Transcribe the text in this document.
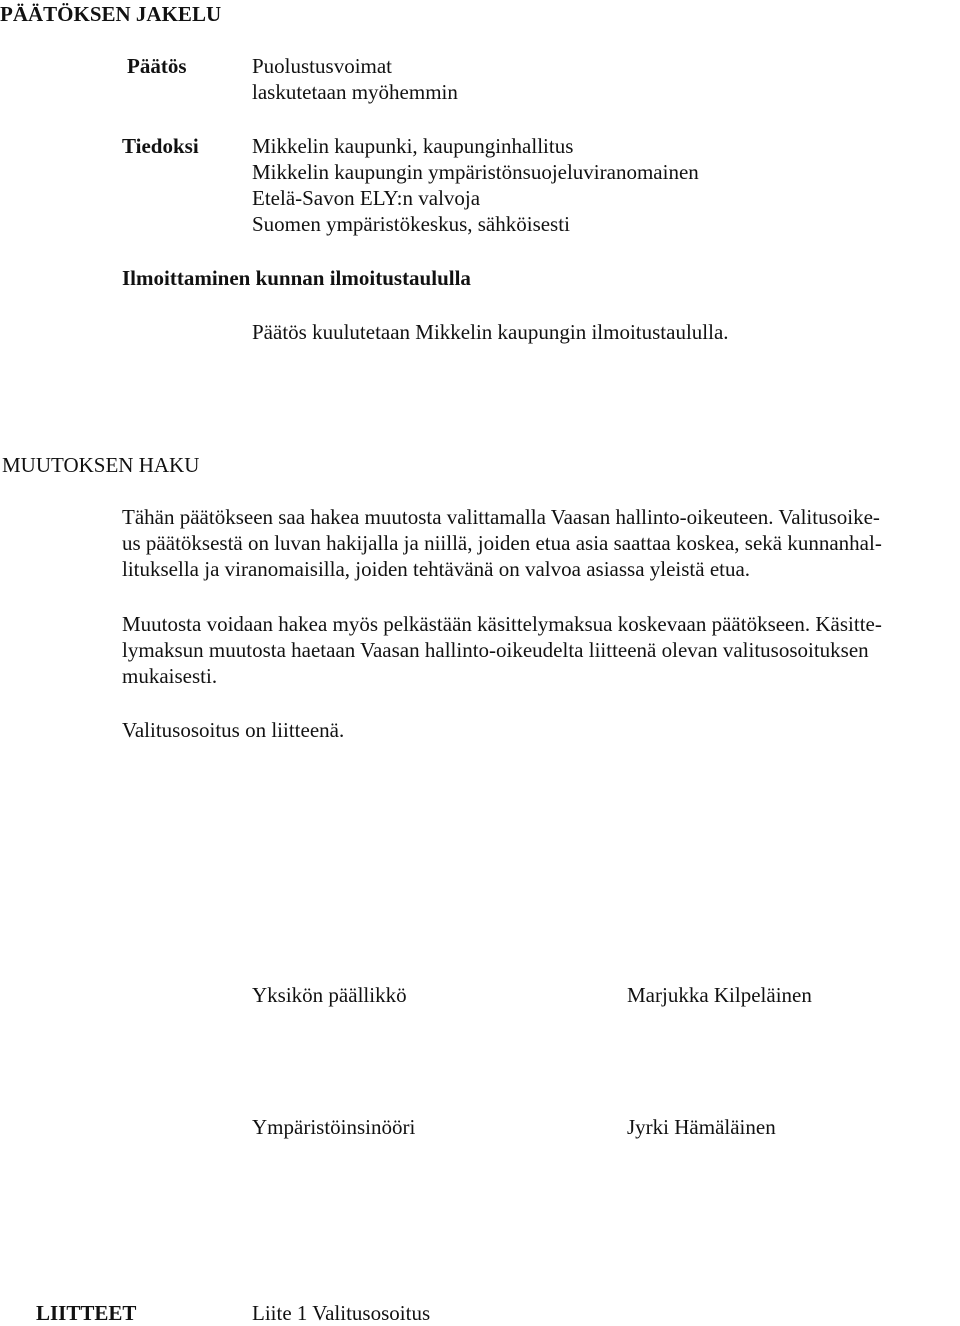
PÄÄTÖKSEN JAKELU
Päätös	Puolustusvoimat
laskutetaan myöhemmin
Tiedoksi	Mikkelin kaupunki, kaupunginhallitus
Mikkelin kaupungin ympäristönsuojeluviranomainen
Etelä-Savon ELY:n valvoja
Suomen ympäristökeskus, sähköisesti
Ilmoittaminen kunnan ilmoitustaululla
Päätös kuulutetaan Mikkelin kaupungin ilmoitustaululla.
MUUTOKSEN HAKU
Tähän päätökseen saa hakea muutosta valittamalla Vaasan hallinto-oikeuteen. Valitusoike-
us päätöksestä on luvan hakijalla ja niillä, joiden etua asia saattaa koskea, sekä kunnanhal-
lituksella ja viranomaisilla, joiden tehtävänä on valvoa asiassa yleistä etua.
Muutosta voidaan hakea myös pelkästään käsittelymaksua koskevaan päätökseen. Käsitte-
lymaksun muutosta haetaan Vaasan hallinto-oikeudelta liitteenä olevan valitusosoituksen
mukaisesti.
Valitusosoitus on liitteenä.
Yksikön päällikkö	Marjukka Kilpeläinen
Ympäristöinsinööri	Jyrki Hämäläinen
LIITTEET	Liite 1 Valitusosoitus
